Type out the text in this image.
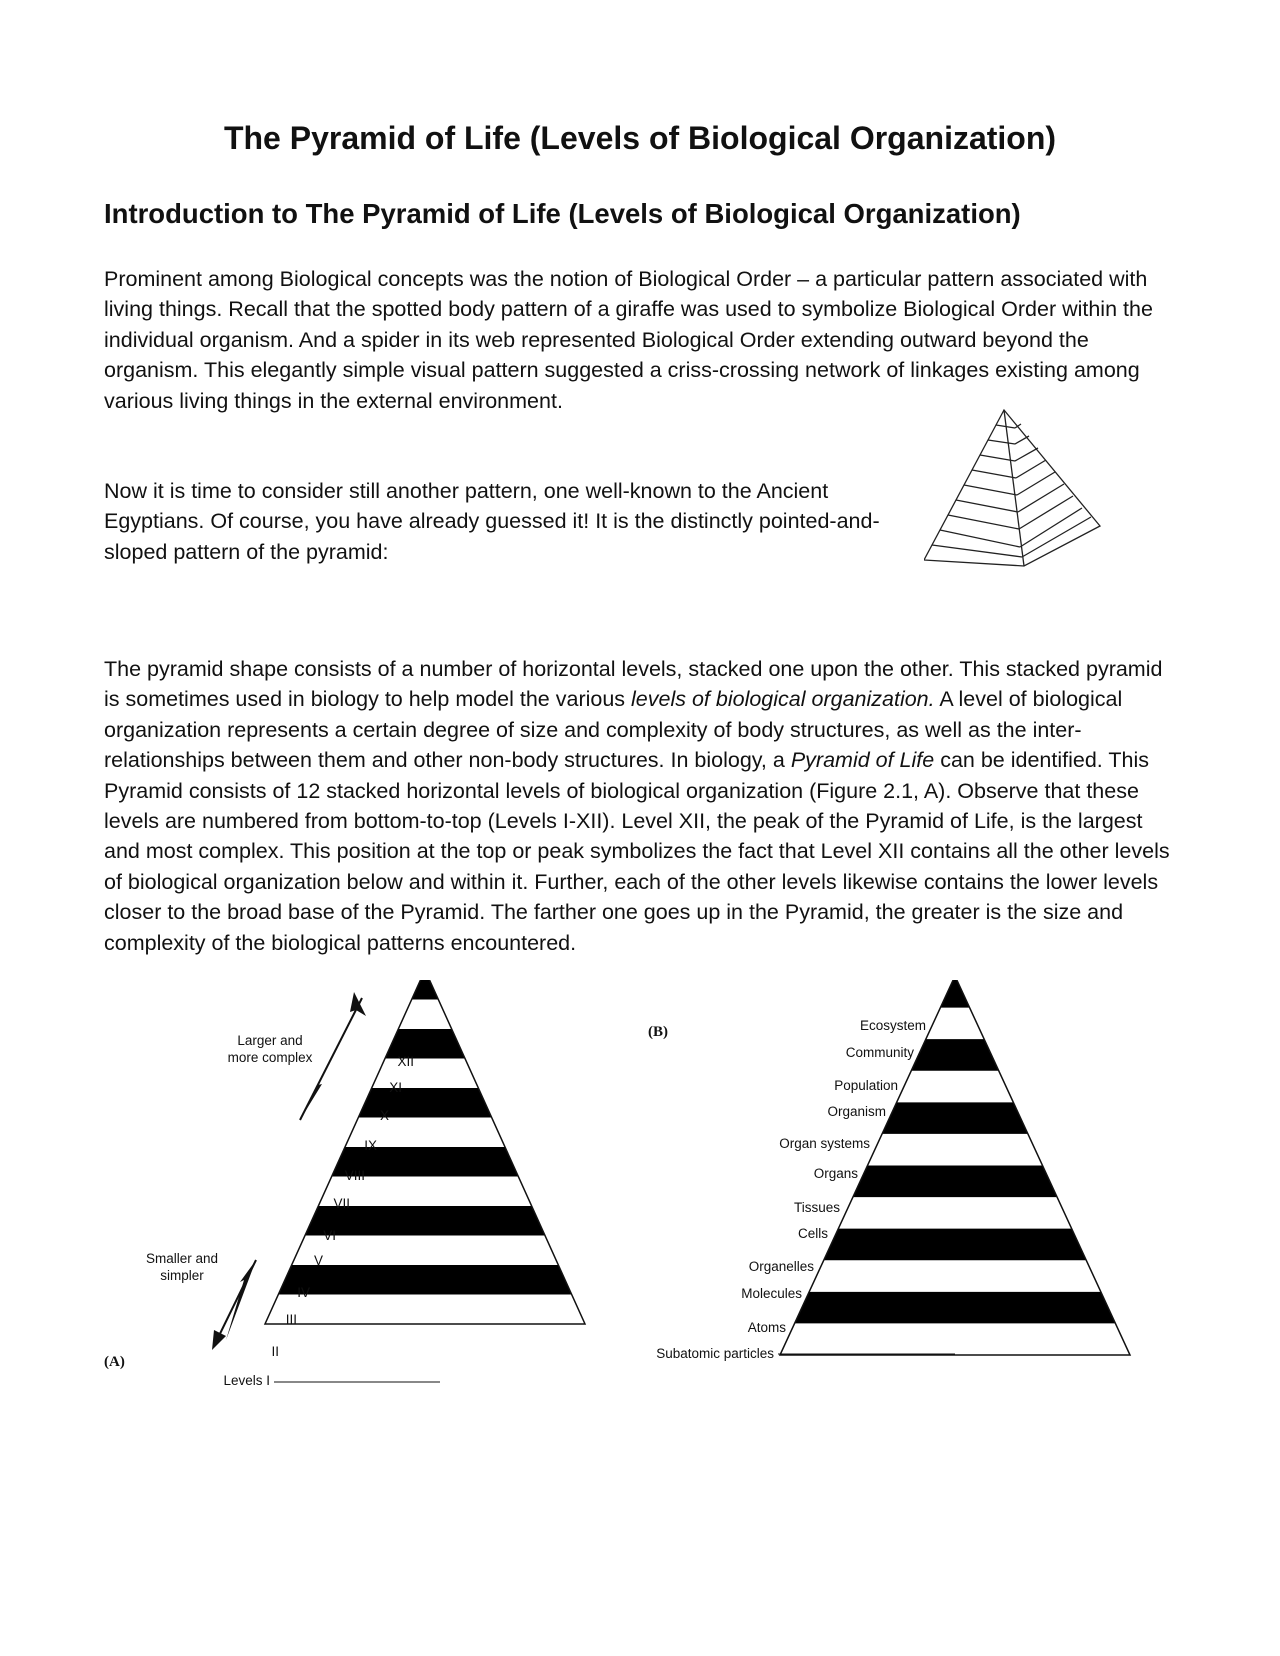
The Pyramid of Life (Levels of Biological Organization)
Introduction to The Pyramid of Life (Levels of Biological Organization)

Prominent among Biological concepts was the notion of Biological Order – a particular pattern associated with living things. Recall that the spotted body pattern of a giraffe was used to symbolize Biological Order within the individual organism. And a spider in its web represented Biological Order extending outward beyond the organism. This elegantly simple visual pattern suggested a criss-crossing network of linkages existing among various living things in the external environment.

Now it is time to consider still another pattern, one well-known to the Ancient Egyptians. Of course, you have already guessed it! It is the distinctly pointed-and-sloped pattern of the pyramid:

The pyramid shape consists of a number of horizontal levels, stacked one upon the other. This stacked pyramid is sometimes used in biology to help model the various levels of biological organization. A level of biological organization represents a certain degree of size and complexity of body structures, as well as the inter-relationships between them and other non-body structures. In biology, a Pyramid of Life can be identified. This Pyramid consists of 12 stacked horizontal levels of biological organization (Figure 2.1, A). Observe that these levels are numbered from bottom-to-top (Levels I-XII). Level XII, the peak of the Pyramid of Life, is the largest and most complex. This position at the top or peak symbolizes the fact that Level XII contains all the other levels of biological organization below and within it. Further, each of the other levels likewise contains the lower levels closer to the broad base of the Pyramid. The farther one goes up in the Pyramid, the greater is the size and complexity of the biological patterns encountered.

(A)
Levels I
II
III
IV
V
VI
VII
VIII
IX
X
XI
XII
Larger and
more complex
Smaller and
simpler
(B)
Subatomic particles
Atoms
Molecules
Organelles
Cells
Tissues
Organs
Organ systems
Organism
Population
Community
Ecosystem
